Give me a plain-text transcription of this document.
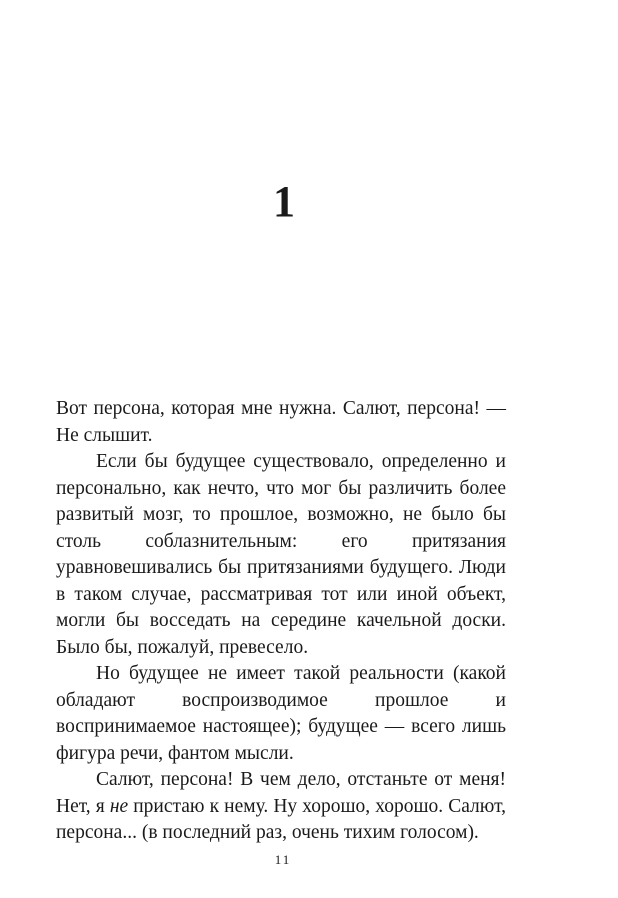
1

Вот персона, которая мне нужна. Салют, персона! — Не слышит.

Если бы будущее существовало, определенно и персонально, как нечто, что мог бы различить более развитый мозг, то прошлое, возможно, не было бы столь соблазнительным: его притязания уравновешивались бы притязаниями будущего. Люди в таком случае, рассматривая тот или иной объект, могли бы восседать на середине качельной доски. Было бы, пожалуй, превесело.

Но будущее не имеет такой реальности (какой обладают воспроизводимое прошлое и воспринимаемое настоящее); будущее — всего лишь фигура речи, фантом мысли.

Салют, персона! В чем дело, отстаньте от меня! Нет, я не пристаю к нему. Ну хорошо, хорошо. Салют, персона... (в последний раз, очень тихим голосом).

11
